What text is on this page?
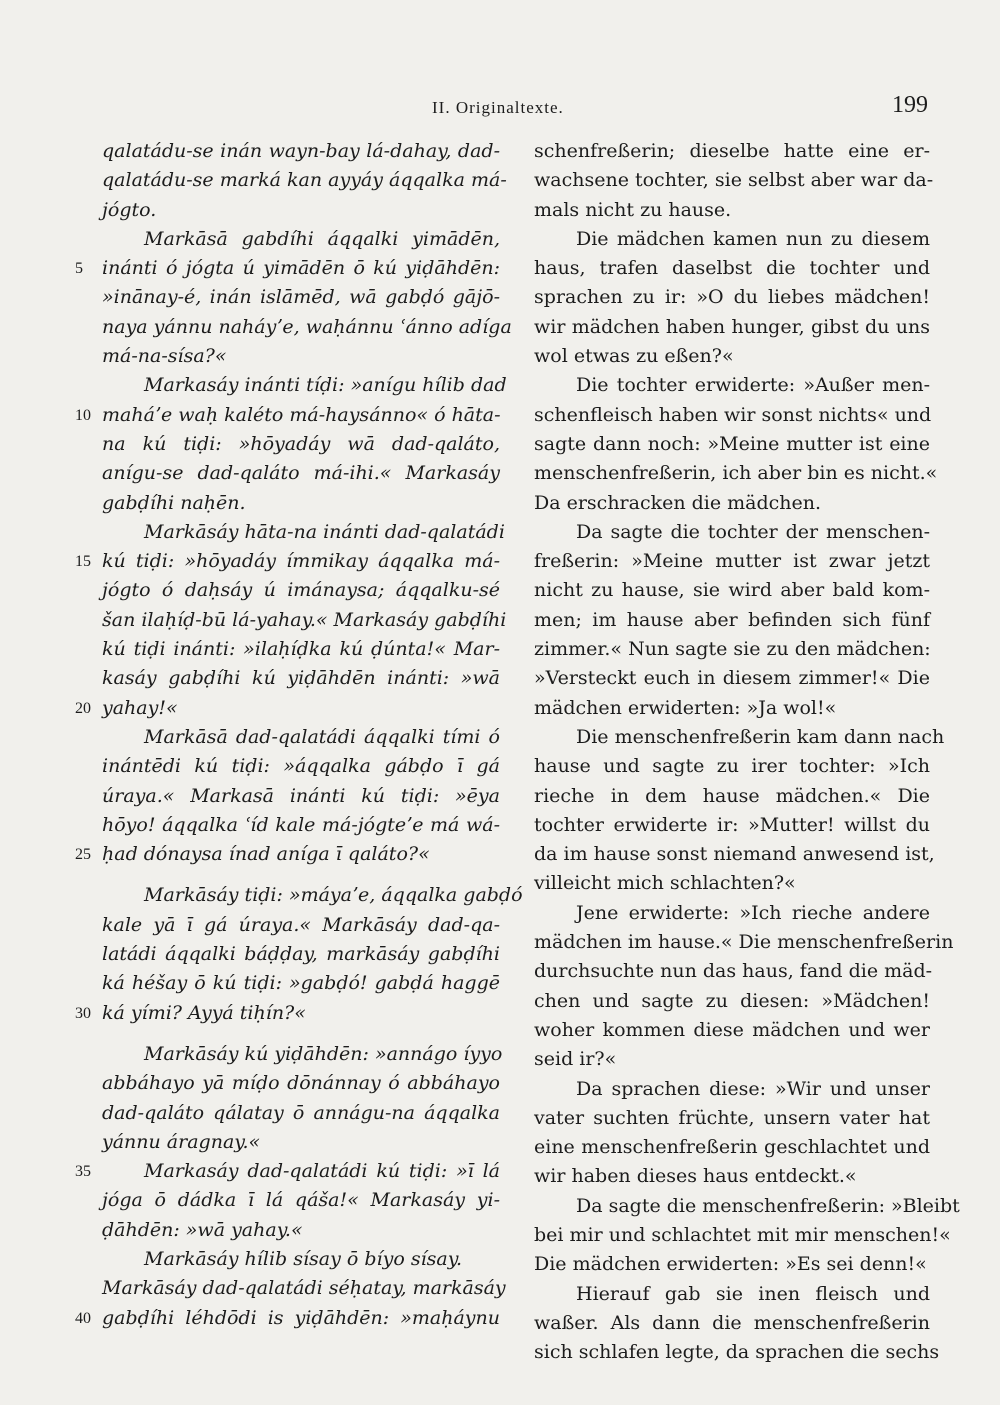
II. Originaltexte.	199
qalatádu-se inán wayn-bay lá-dahay, dad-
qalatádu-se marká kan ayyáy áqqalka má-
jógto.
Markāsā gabdíhi áqqalki yimādēn,
inánti ó jógta ú yimādēn ō kú yiḍāhdēn:
5
»inānay-é, inán islāmēd, wā gabḍó gājō-
naya yánnu naháyʼe, waḥánnu ʿánno adíga
má-na-sísa?«
Markasáy inánti tíḍi: »anígu hílib dad
maháʼe waḥ kaléto má-haysánno« ó hāta-
10
na kú tiḍi: »hōyadáy wā dad-qaláto,
anígu-se dad-qaláto má-ihi.« Markasáy
gabḍíhi naḥēn.
Markāsáy hāta-na inánti dad-qalatádi
kú tiḍi: »hōyadáy ímmikay áqqalka má-
15
jógto ó daḥsáy ú imánaysa; áqqalku-sé
šan ilaḥíḍ-bū lá-yahay.« Markasáy gabḍíhi
kú tiḍi inánti: »ilaḥíḍka kú ḍúnta!« Mar-
kasáy gabḍíhi kú yiḍāhdēn inánti: »wā
yahay!«
20
Markāsā dad-qalatádi áqqalki tími ó
inántēdi kú tiḍi: »áqqalka gábḍo ī gá
úraya.« Markasā inánti kú tiḍi: »ēya
hōyo! áqqalka ʿíd kale má-jógteʼe má wá-
ḥad dónaysa ínad aníga ī qaláto?«
25
Markāsáy tiḍi: »máyaʼe, áqqalka gabḍó
kale yā ī gá úraya.« Markāsáy dad-qa-
latádi áqqalki báḍḍay, markāsáy gabḍíhi
ká héšay ō kú tiḍi: »gabḍó! gabḍá haggē
ká yími? Ayyá tiḥín?«
30
Markāsáy kú yiḍāhdēn: »annágo íyyo
abbáhayo yā míḍo dōnánnay ó abbáhayo
dad-qaláto qálatay ō annágu-na áqqalka
yánnu áragnay.«
Markasáy dad-qalatádi kú tiḍi: »ī lá
35
jóga ō dádka ī lá qáša!« Markasáy yi-
ḍāhdēn: »wā yahay.«
Markāsáy hílib sísay ō bíyo sísay.
Markāsáy dad-qalatádi séḥatay, markāsáy
gabḍíhi léhdōdi is yiḍāhdēn: »maḥáynu
40
schenfreßerin; dieselbe hatte eine er-
wachsene tochter, sie selbst aber war da-
mals nicht zu hause.
Die mädchen kamen nun zu diesem
haus, trafen daselbst die tochter und
sprachen zu ir: »O du liebes mädchen!
wir mädchen haben hunger, gibst du uns
wol etwas zu eßen?«
Die tochter erwiderte: »Außer men-
schenfleisch haben wir sonst nichts« und
sagte dann noch: »Meine mutter ist eine
menschenfreßerin, ich aber bin es nicht.«
Da erschracken die mädchen.
Da sagte die tochter der menschen-
freßerin: »Meine mutter ist zwar jetzt
nicht zu hause, sie wird aber bald kom-
men; im hause aber befinden sich fünf
zimmer.« Nun sagte sie zu den mädchen:
»Versteckt euch in diesem zimmer!« Die
mädchen erwiderten: »Ja wol!«
Die menschenfreßerin kam dann nach
hause und sagte zu irer tochter: »Ich
rieche in dem hause mädchen.« Die
tochter erwiderte ir: »Mutter! willst du
da im hause sonst niemand anwesend ist,
villeicht mich schlachten?«
Jene erwiderte: »Ich rieche andere
mädchen im hause.« Die menschenfreßerin
durchsuchte nun das haus, fand die mäd-
chen und sagte zu diesen: »Mädchen!
woher kommen diese mädchen und wer
seid ir?«
Da sprachen diese: »Wir und unser
vater suchten früchte, unsern vater hat
eine menschenfreßerin geschlachtet und
wir haben dieses haus entdeckt.«
Da sagte die menschenfreßerin: »Bleibt
bei mir und schlachtet mit mir menschen!«
Die mädchen erwiderten: »Es sei denn!«
Hierauf gab sie inen fleisch und
waßer. Als dann die menschenfreßerin
sich schlafen legte, da sprachen die sechs
